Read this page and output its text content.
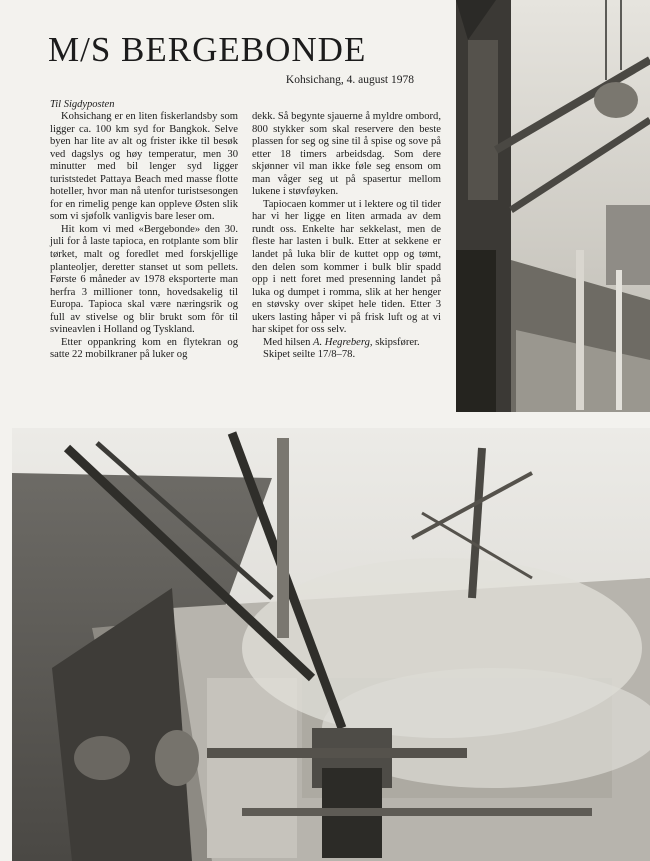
M/S BERGEBONDE
Kohsichang, 4. august 1978
Til Sigdyposten

Kohsichang er en liten fiskerlandsby som ligger ca. 100 km syd for Bangkok. Selve byen har lite av alt og frister ikke til besøk ved dagslys og høy temperatur, men 30 minutter med bil lenger syd ligger turiststedet Pattaya Beach med masse flotte hoteller, hvor man nå utenfor turistsesongen for en rimelig penge kan oppleve Østen slik som vi sjøfolk vanligvis bare leser om.

Hit kom vi med «Bergebonde» den 30. juli for å laste tapioca, en rotplante som blir tørket, malt og foredlet med forskjellige planteoljer, deretter stanset ut som pellets. Første 6 måneder av 1978 eksporterte man herfra 3 millioner tonn, hovedsakelig til Europa. Tapioca skal være næringsrik og full av stivelse og blir brukt som fôr til svineavlen i Holland og Tyskland.

Etter oppankring kom en flytekran og satte 22 mobilkraner på luker og

dekk. Så begynte sjauerne å myldre ombord, 800 stykker som skal reservere den beste plassen for seg og sine til å spise og sove på etter 18 timers arbeidsdag. Som dere skjønner vil man ikke føle seg ensom om man våger seg ut på spasertur mellom lukene i støvføyken.

Tapiocaen kommer ut i lektere og til tider har vi her ligge en liten armada av dem rundt oss. Enkelte har sekkelast, men de fleste har lasten i bulk. Etter at sekkene er landet på luka blir de kuttet opp og tømt, den delen som kommer i bulk blir spadd opp i nett foret med presenning landet på luka og dumpet i romma, slik at her henger en støvsky over skipet hele tiden. Etter 3 ukers lasting håper vi på frisk luft og at vi har skipet for oss selv.

Med hilsen A. Hegreberg, skipsfører.

Skipet seilte 17/8–78.
